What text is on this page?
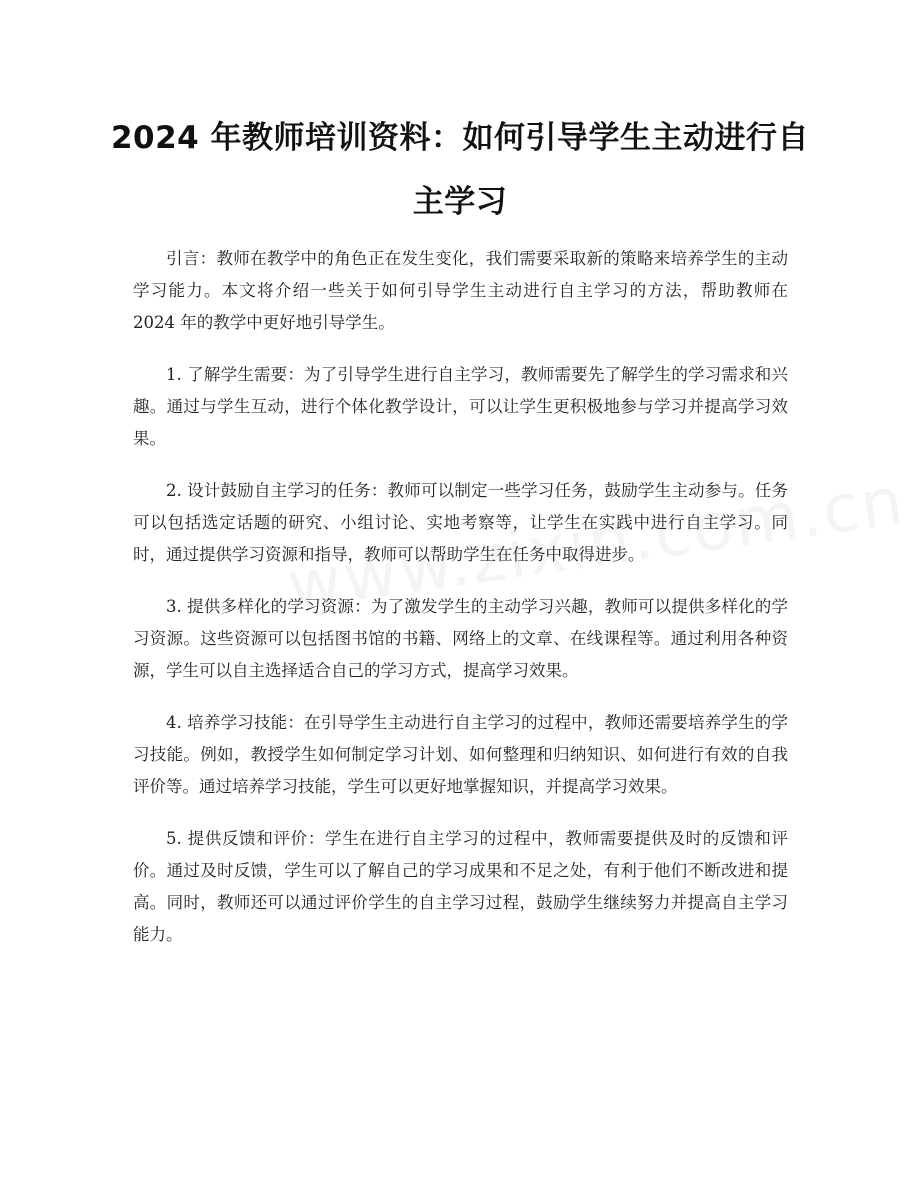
2024 年教师培训资料：如何引导学生主动进行自主学习

引言：教师在教学中的角色正在发生变化，我们需要采取新的策略来培养学生的主动学习能力。本文将介绍一些关于如何引导学生主动进行自主学习的方法，帮助教师在 2024 年的教学中更好地引导学生。

1. 了解学生需要：为了引导学生进行自主学习，教师需要先了解学生的学习需求和兴趣。通过与学生互动，进行个体化教学设计，可以让学生更积极地参与学习并提高学习效果。

2. 设计鼓励自主学习的任务：教师可以制定一些学习任务，鼓励学生主动参与。任务可以包括选定话题的研究、小组讨论、实地考察等，让学生在实践中进行自主学习。同时，通过提供学习资源和指导，教师可以帮助学生在任务中取得进步。

3. 提供多样化的学习资源：为了激发学生的主动学习兴趣，教师可以提供多样化的学习资源。这些资源可以包括图书馆的书籍、网络上的文章、在线课程等。通过利用各种资源，学生可以自主选择适合自己的学习方式，提高学习效果。

4. 培养学习技能：在引导学生主动进行自主学习的过程中，教师还需要培养学生的学习技能。例如，教授学生如何制定学习计划、如何整理和归纳知识、如何进行有效的自我评价等。通过培养学习技能，学生可以更好地掌握知识，并提高学习效果。

5. 提供反馈和评价：学生在进行自主学习的过程中，教师需要提供及时的反馈和评价。通过及时反馈，学生可以了解自己的学习成果和不足之处，有利于他们不断改进和提高。同时，教师还可以通过评价学生的自主学习过程，鼓励学生继续努力并提高自主学习能力。
